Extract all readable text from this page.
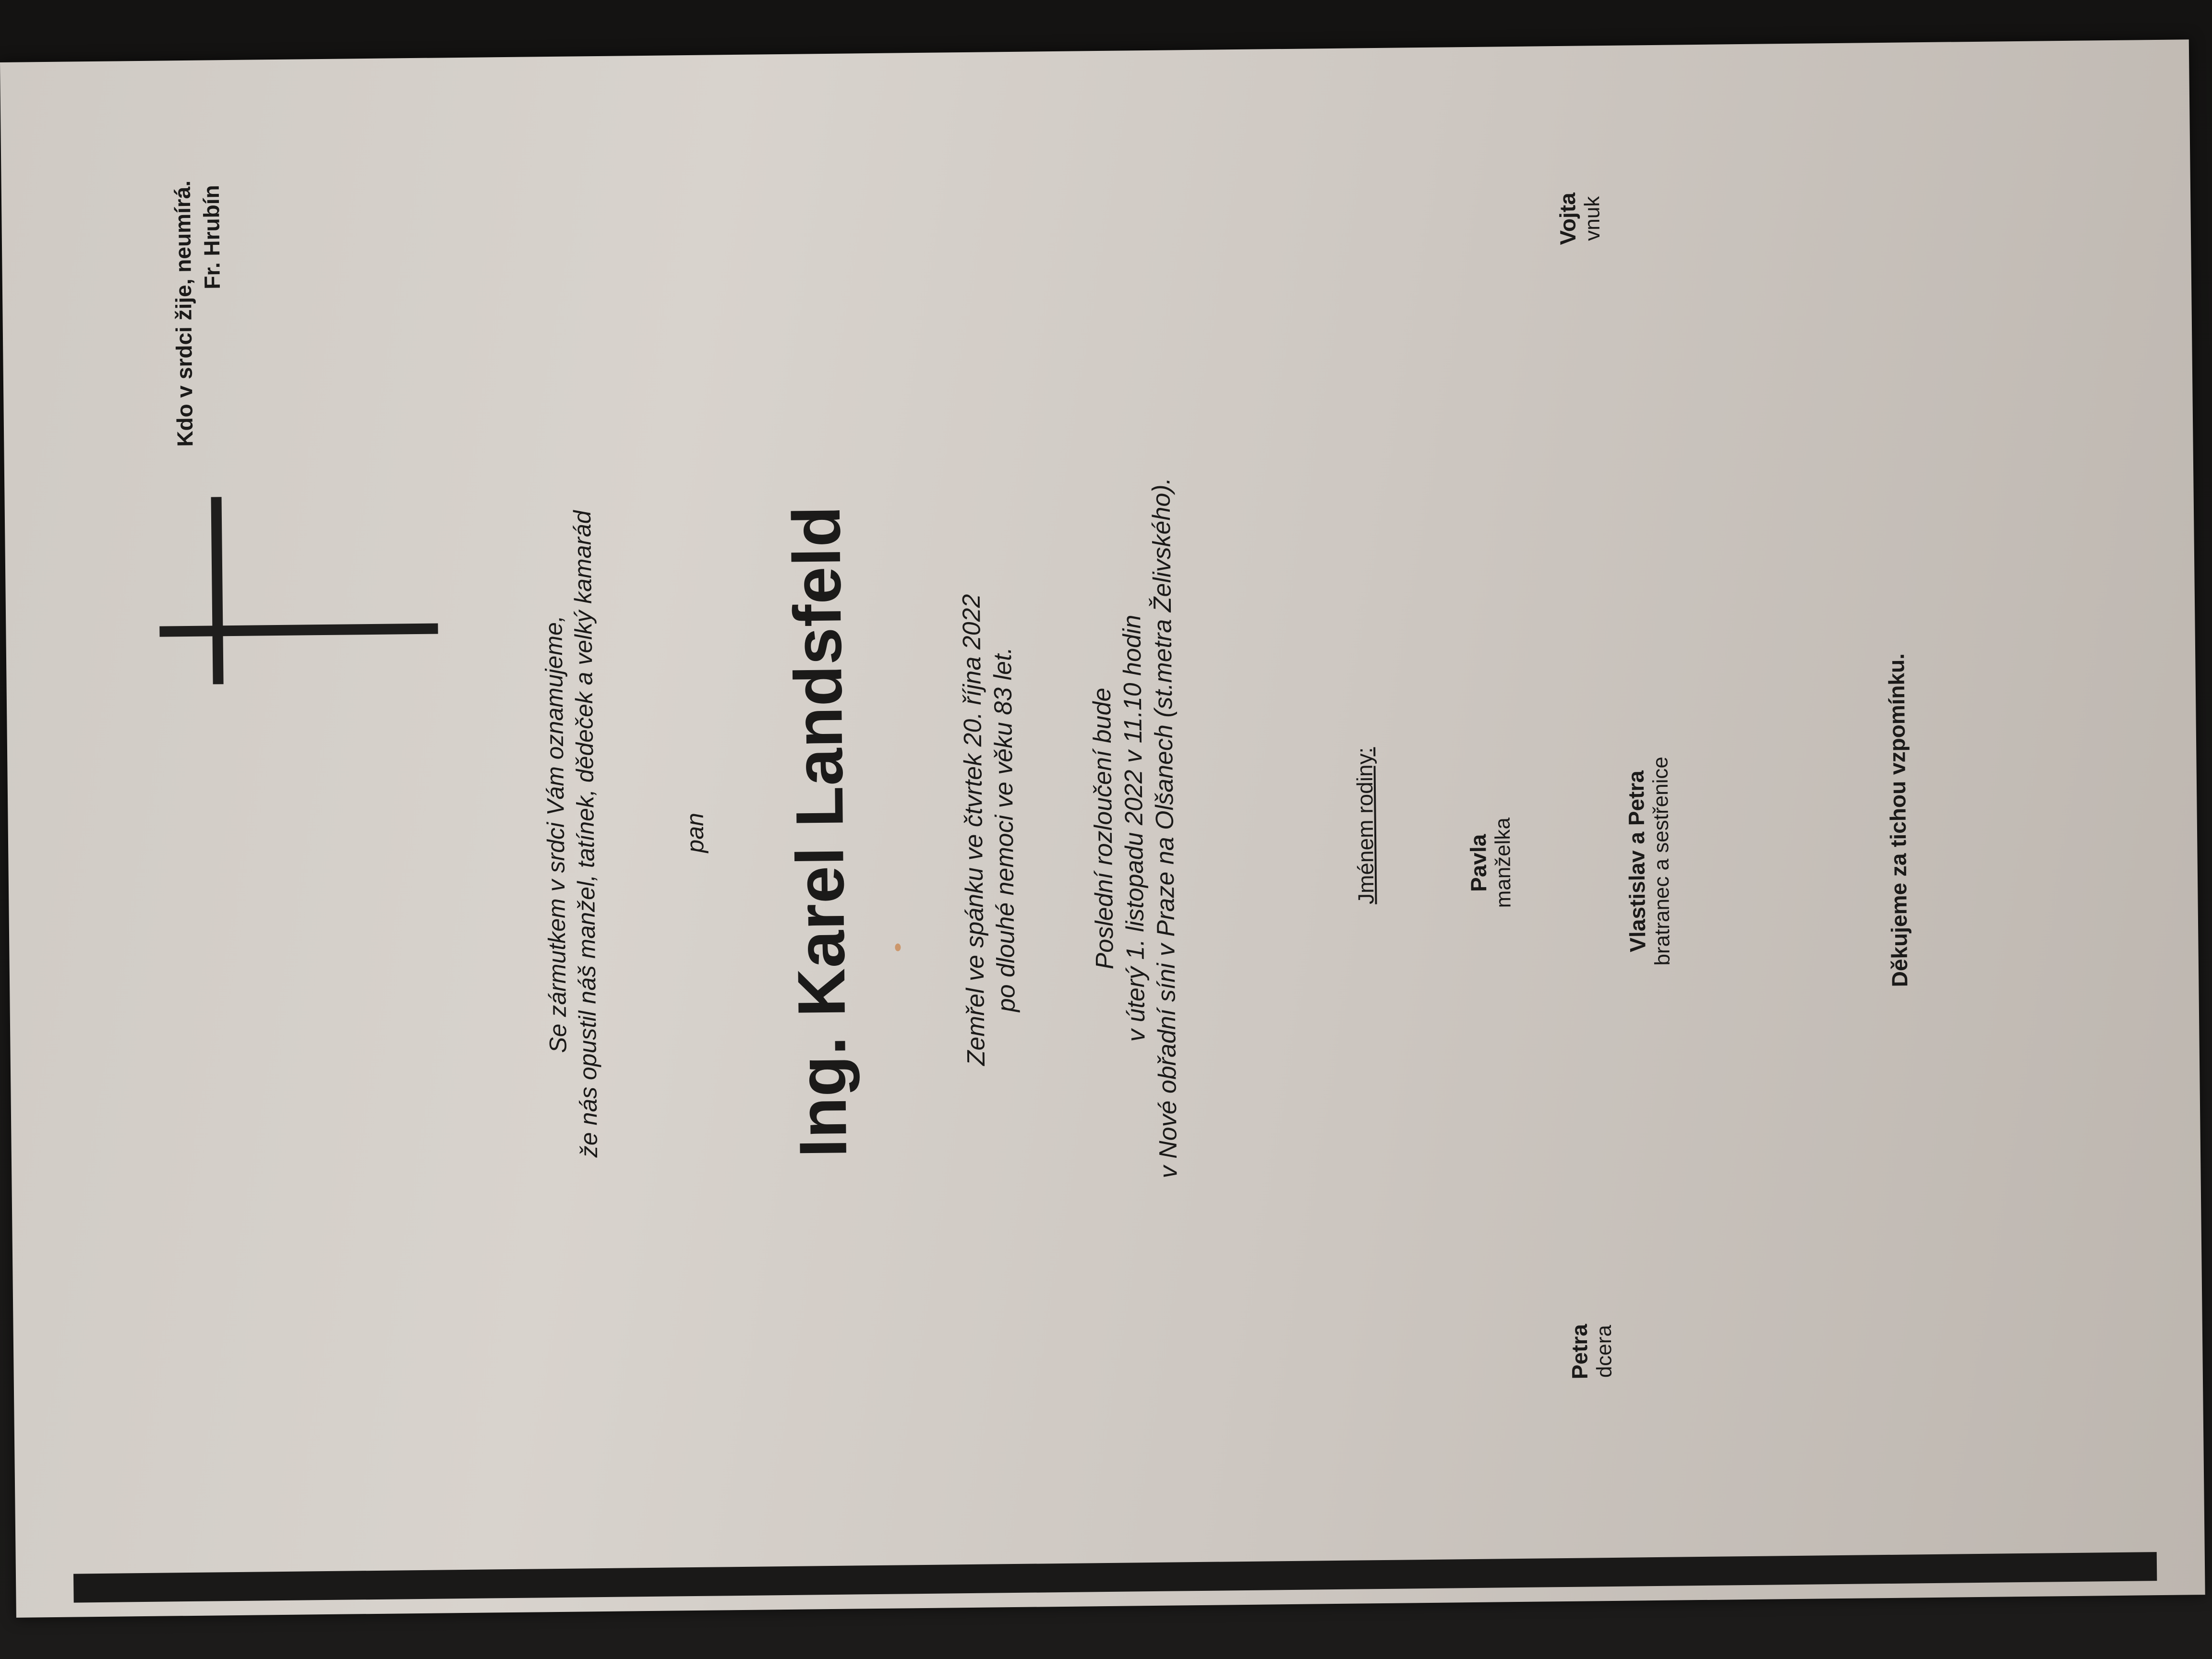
Kdo v srdci žije, neumírá. Fr. Hrubín
Se zármutkem v srdci Vám oznamujeme,
že nás opustil náš manžel, tatínek, dědeček a velký kamarád	pan Ing. Karel Landsfeld	Zemřel ve spánku ve čtvrtek 20. října 2022
po dlouhé nemoci ve věku 83 let.	Poslední rozloučení bude
v úterý 1. listopadu 2022 v 11.10 hodin
v Nové obřadní síni v Praze na Olšanech (st.metra Želivského).	Jménem rodiny:	Pavla manželka
Petra dcera
Vojta vnuk
Vlastislav a Petra
bratranec a sestřenice	Děkujeme za tichou vzpomínku.
